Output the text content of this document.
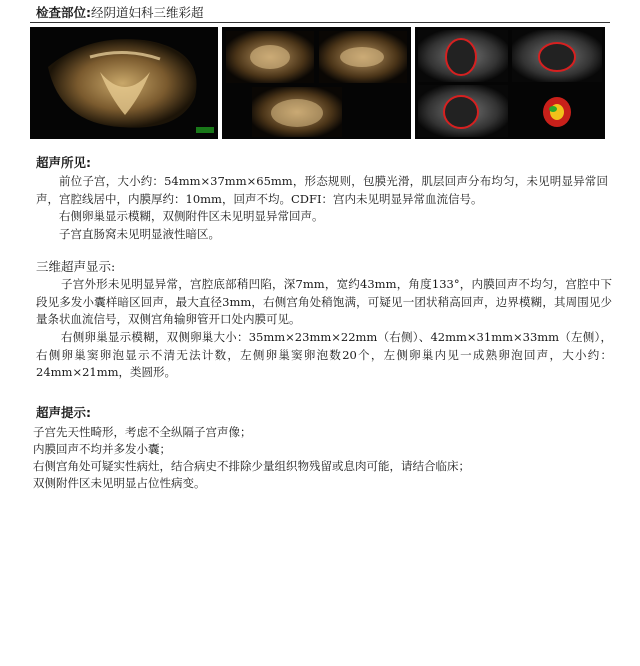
检查部位:经阴道妇科三维彩超
超声所见:
前位子宫，大小约：54mm×37mm×65mm，形态规则，包膜光滑，肌层回声分布均匀，未见明显异常回声，宫腔线居中，内膜厚约：10mm，回声不均。CDFI：宫内未见明显异常血流信号。
右侧卵巢显示模糊，双侧附件区未见明显异常回声。
子宫直肠窝未见明显液性暗区。
三维超声显示:
子宫外形未见明显异常，宫腔底部稍凹陷，深7mm，宽约43mm，角度133°，内膜回声不均匀，宫腔中下段见多发小囊样暗区回声，最大直径3mm，右侧宫角处稍饱满，可疑见一团状稍高回声，边界模糊，其周围见少量条状血流信号，双侧宫角输卵管开口处内膜可见。
右侧卵巢显示模糊，双侧卵巢大小：35mm×23mm×22mm（右侧）、42mm×31mm×33mm（左侧），右侧卵巢窦卵泡显示不清无法计数，左侧卵巢窦卵泡数20个，左侧卵巢内见一成熟卵泡回声，大小约：24mm×21mm，类圆形。
超声提示:
子宫先天性畸形，考虑不全纵隔子宫声像；
内膜回声不均并多发小囊；
右侧宫角处可疑实性病灶，结合病史不排除少量组织物残留或息肉可能，请结合临床；
双侧附件区未见明显占位性病变。
